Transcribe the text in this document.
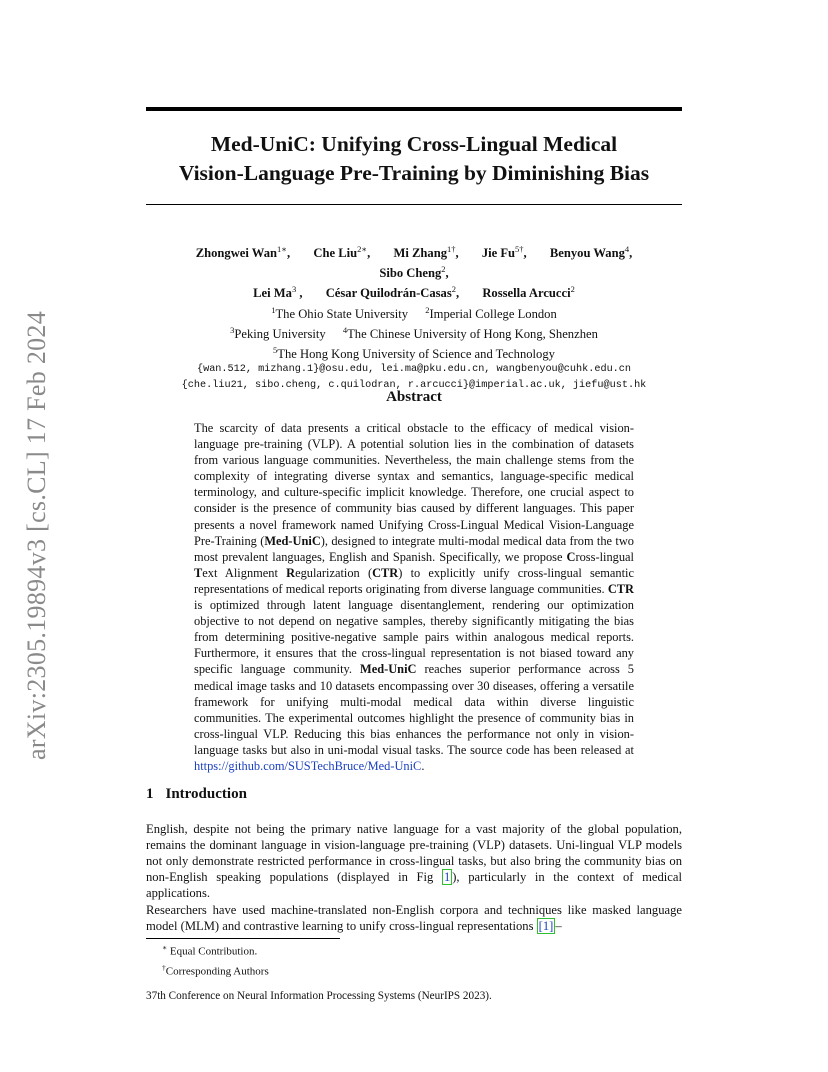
arXiv:2305.19894v3 [cs.CL] 17 Feb 2024
Med-UniC: Unifying Cross-Lingual Medical
Vision-Language Pre-Training by Diminishing Bias
Zhongwei Wan$^{1∗}$, Che Liu$^{2∗}$, Mi Zhang$^{1\dagger}$, Jie $Fu^{5\dagger}$, Benyou Wang$^4$, Sibo Cheng$^2$,
Lei Ma$^3$ , César Quilodrán-Casas$^2$, Rossella Arcucci$^2$
$^1$The Ohio State University $^2$Imperial College London
$^3$Peking University $^4$The Chinese University of Hong Kong, Shenzhen
$^5$The Hong Kong University of Science and Technology
{wan.512, mizhang.1}@osu.edu, lei.ma@pku.edu.cn, wangbenyou@cuhk.edu.cn
{che.liu21, sibo.cheng, c.quilodran, r.arcucci}@imperial.ac.uk, jiefu@ust.hk
Abstract
The scarcity of data presents a critical obstacle to the efficacy of medical vision-language pre-training (VLP). A potential solution lies in the combination of datasets from various language communities. Nevertheless, the main challenge stems from the complexity of integrating diverse syntax and semantics, language-specific medical terminology, and culture-specific implicit knowledge. Therefore, one crucial aspect to consider is the presence of community bias caused by different languages. This paper presents a novel framework named Unifying Cross-Lingual Medical Vision-Language Pre-Training (Med-UniC), designed to integrate multi-modal medical data from the two most prevalent languages, English and Spanish. Specifically, we propose Cross-lingual Text Alignment Regularization (CTR) to explicitly unify cross-lingual semantic representations of medical reports originating from diverse language communities. CTR is optimized through latent language disentanglement, rendering our optimization objective to not depend on negative samples, thereby significantly mitigating the bias from determining positive-negative sample pairs within analogous medical reports. Furthermore, it ensures that the cross-lingual representation is not biased toward any specific language community. Med-UniC reaches superior performance across 5 medical image tasks and 10 datasets encompassing over 30 diseases, offering a versatile framework for unifying multi-modal medical data within diverse linguistic communities. The experimental outcomes highlight the presence of community bias in cross-lingual VLP. Reducing this bias enhances the performance not only in vision-language tasks but also in uni-modal visual tasks. The source code has been released at https://github.com/SUSTechBruce/Med-UniC.
1 Introduction
English, despite not being the primary native language for a vast majority of the global population, remains the dominant language in vision-language pre-training (VLP) datasets. Uni-lingual VLP models not only demonstrate restricted performance in cross-lingual tasks, but also bring the community bias on non-English speaking populations (displayed in Fig 1 ), particularly in the context of medical applications.
Researchers have used machine-translated non-English corpora and techniques like masked language model (MLM) and contrastive learning to unify cross-lingual representations [1] –
∗ Equal Contribution.
†Corresponding Authors
37th Conference on Neural Information Processing Systems (NeurIPS 2023).
